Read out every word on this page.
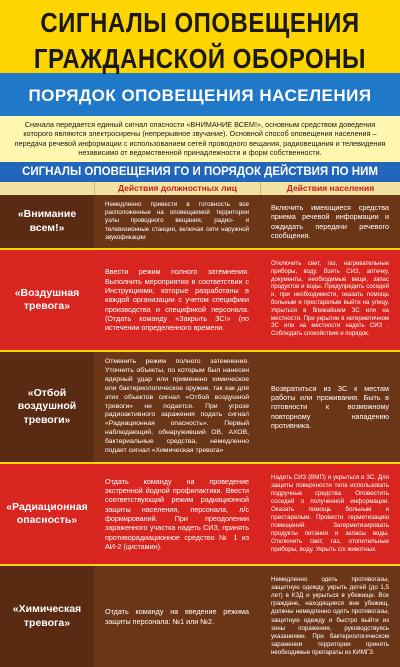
СИГНАЛЫ ОПОВЕЩЕНИЯ
ГРАЖДАНСКОЙ ОБОРОНЫ
ПОРЯДОК ОПОВЕЩЕНИЯ НАСЕЛЕНИЯ
Сначала передается единый сигнал опасности «ВНИМАНИЕ ВСЕМ!», основным средством доведения которого являются электросирены (непрерывное звучание). Основной способ оповещения населения – передача речевой информации с использованием сетей проводного вещания, радиовещания и телевидения независимо от ведомственной принадлежности и форм собственности.
СИГНАЛЫ ОПОВЕЩЕНИЯ ГО И ПОРЯДОК ДЕЙСТВИЯ ПО НИМ
Действия должностных лиц	Действия населения
«Внимание всем!»
Немедленно привести в готовность все расположенные на оповещаемой территории узлы проводного вещания, радио- и телевизионные станции, включая сети наружной звукофикации
Включить имеющиеся средства приема речевой информации и ождидать передачи речевого сообщения.
«Воздушная тревога»
Ввести режим полного затемнения. Выполнить мероприятия в соответствии с Инструкциями, которые разработаны в каждой организации с учетом специфики производства и спецификой персонала. (Отдать команду «Закрыть ЗС!» (по истечении определенного времени.
Отключить свет, газ, нагревательные приборы, воду. Взять СИЗ, аптечку, документы, необходимые вещи, запас продуктов и воды. Предупредить соседей и, при необходимости, оказать помощь больным и престарелым выйти на улицу. Укрыться в ближайшем ЗС или на местности. При укрытии в негерметичном ЗС или на местности надеть СИЗ . Соблюдать спокойствие и порядок.
«Отбой воздушной тревоги»
Отменить режим полного затемнения. Уточнить объекты, по которым был нанесен ядерный удар или применено химическое или бактериологическое оружие, так как для этих объектов сигнал «Отбой воздушной тревоги» не подается. При угрозе радиоактивного заражения подать сигнал «Радиационная опасность». Первый наблюдающий, обнаруживший ОВ, АХОВ, бактериальные средства, немедленно подает сигнал «Химическая тревога»
Возвратиться из ЗС к местам работы или проживания. Быть в готовности к возможному повторному нападению противника.
«Радиационная опасность»
Отдать команду на проведение экстренной йодной профилактики. Ввести соответствующий режим радиационной защиты населения, персонала, л/с формирований. При преодолении зараженного участка надеть СИЗ, принять противорадиационное средство № 1 из АИ-2 (цистамин).
Надеть СИЗ (ВМП) и укрыться в ЗС. Для защиты поверхности тела использовать подручные средства. Оповестить соседей о полученной информации. Оказать помощь больным и престарелым. Провести герметизацию помещений. Загерметизировать продукты питания и запасы воды. Отключить свет, газ, отопительные приборы, воду. Укрыть с/х животных.
«Химическая тревога»
Отдать команду на введение режима защиты персонала: №1 или №2.
Немедленно одеть противогазы, защитную одежду, укрыть детей (до 1,5 лет) в КЗД и укрыться в убежище. Все граждане, находящиеся вне убежищ, должны немедленно одеть противогазы, защитную одежду и быстро выйти из зоны поражения, руководствуясь указаниями. При бактериологическом заражении территории принять необходимые препараты из КИМГЗ.
